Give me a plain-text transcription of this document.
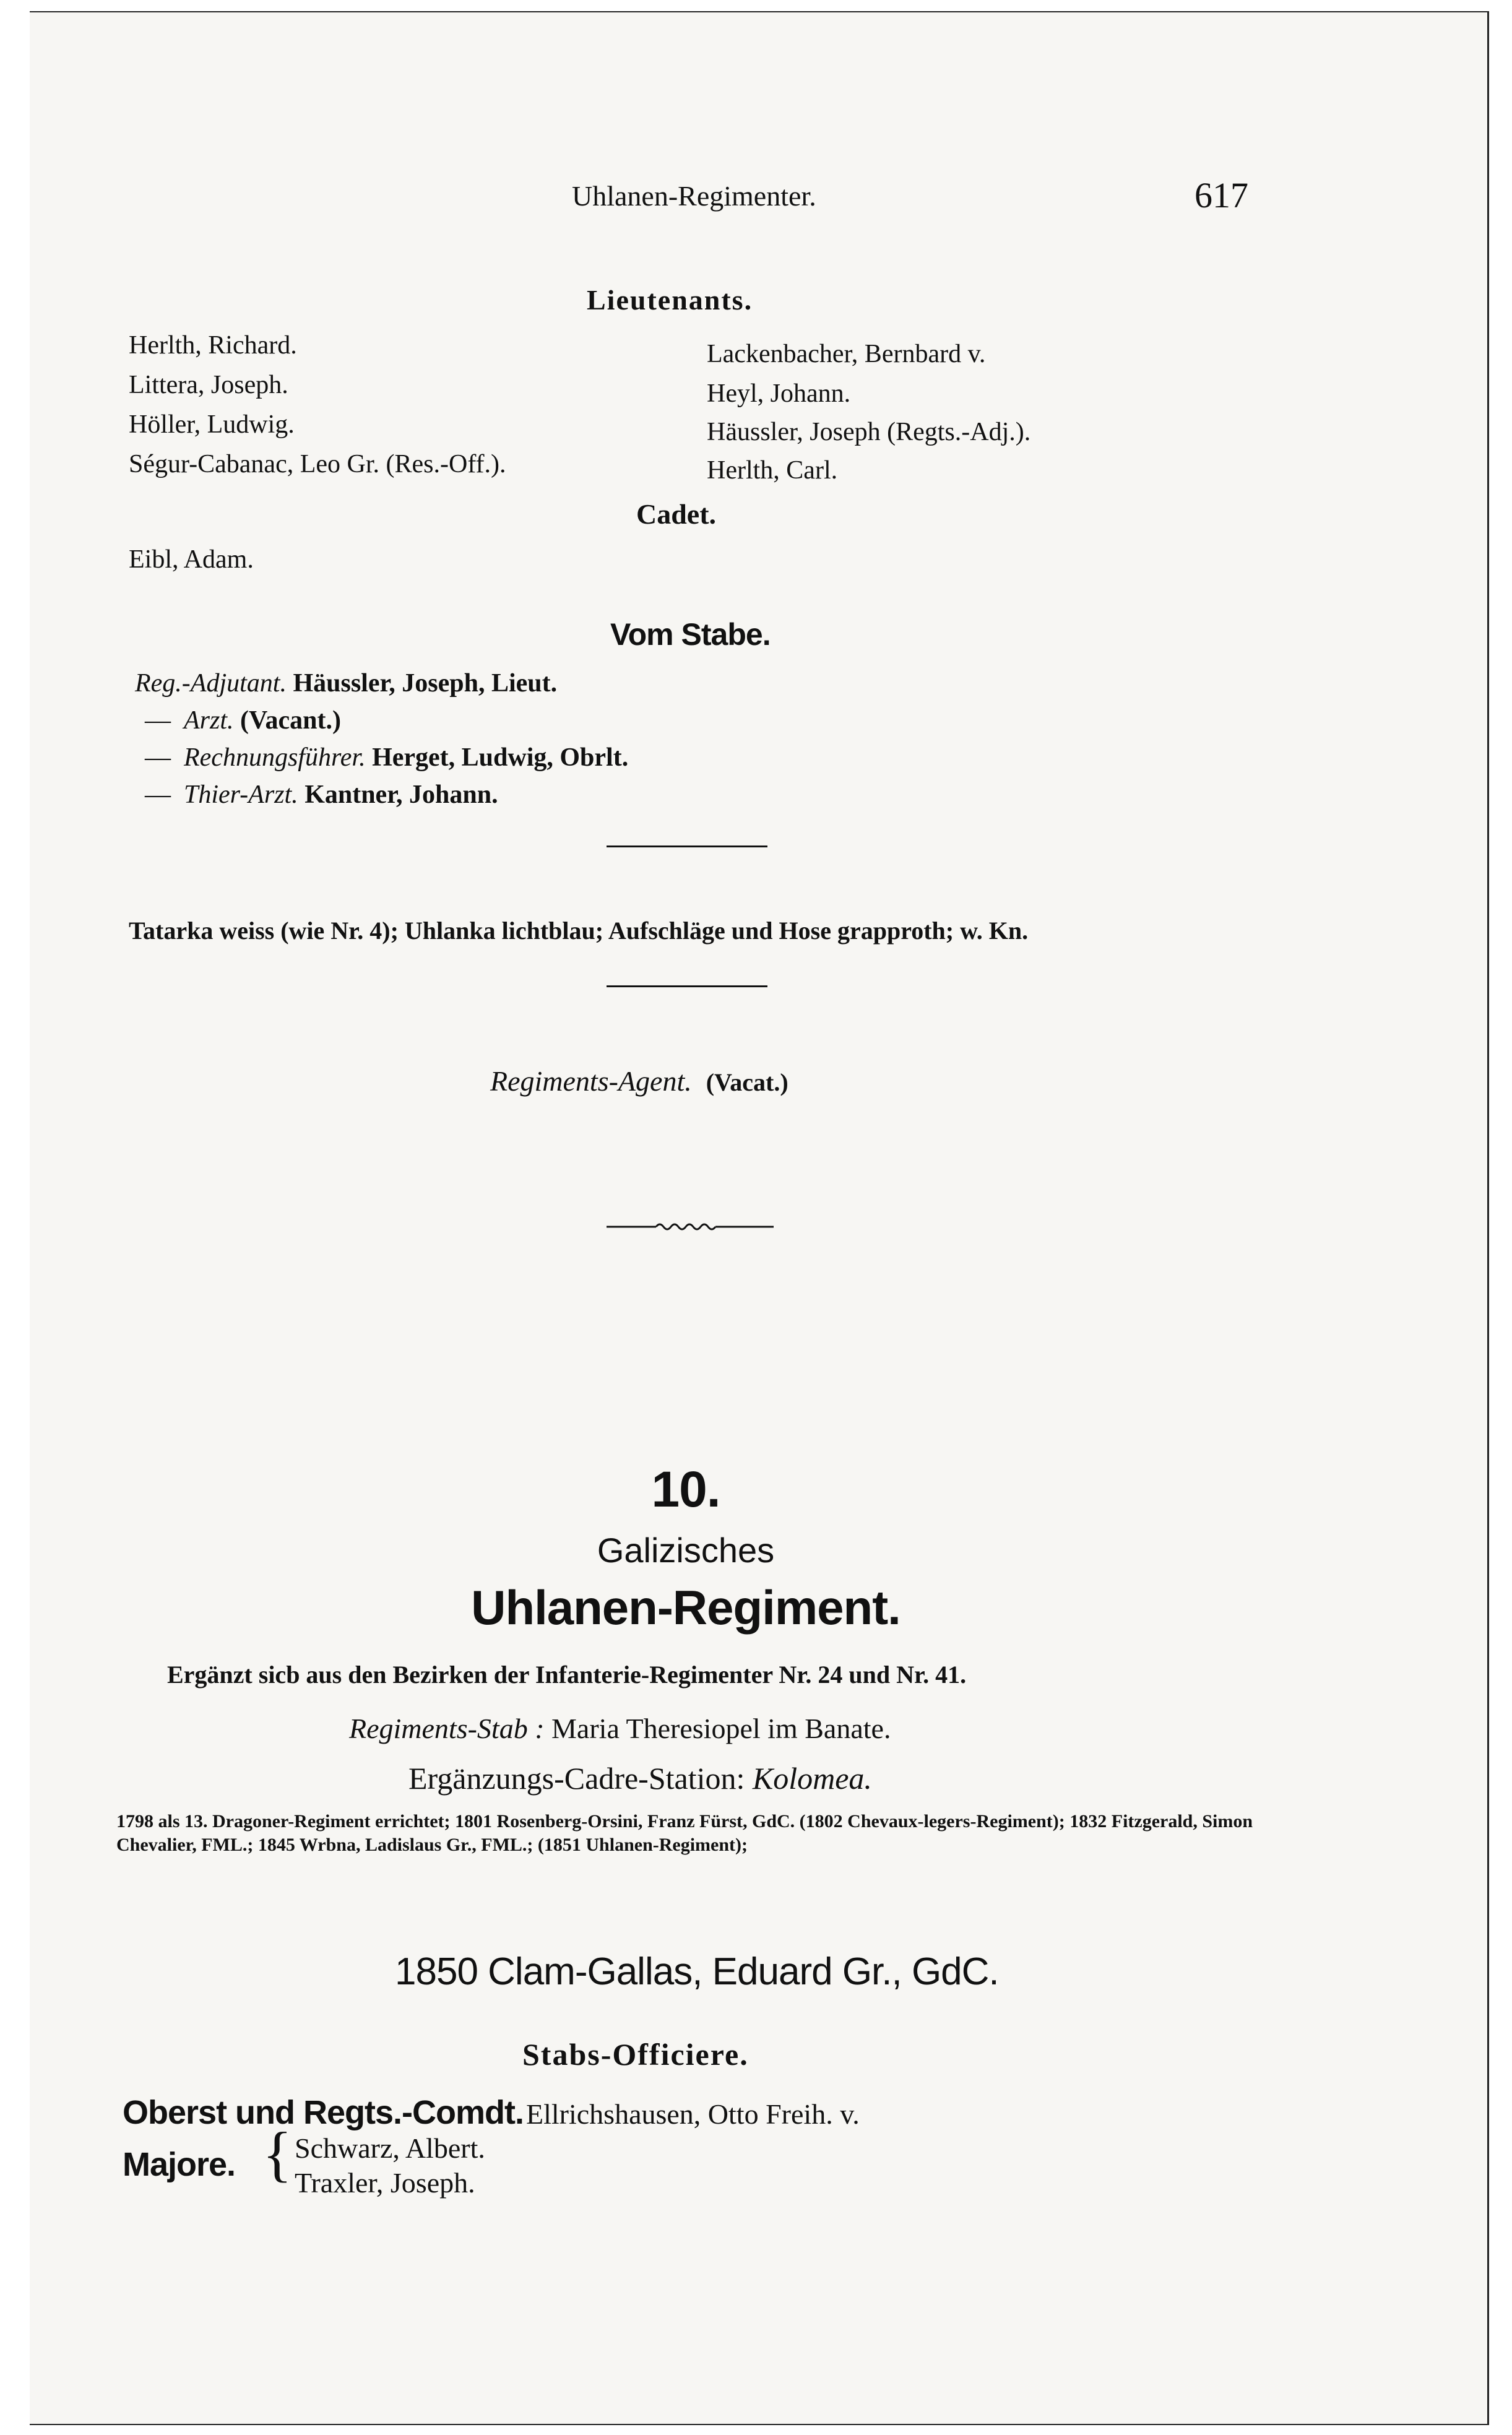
Uhlanen-Regimenter.	617
Lieutenants.
Herlth, Richard.
Littera, Joseph.
Höller, Ludwig.
Ségur-Cabanac, Leo Gr. (Res.-Off.).
Lackenbacher, Bernbard v.
Heyl, Johann.
Häussler, Joseph (Regts.-Adj.).
Herlth, Carl.
Cadet.
Eibl, Adam.
Vom Stabe.
Reg.-Adjutant. Häussler, Joseph, Lieut.
— Arzt. (Vacant.)
— Rechnungsführer. Herget, Ludwig, Obrlt.
— Thier-Arzt. Kantner, Johann.
Tatarka weiss (wie Nr. 4); Uhlanka lichtblau; Aufschläge und Hose grapproth; w. Kn.
Regiments-Agent. (Vacat.)
10.
Galizisches
Uhlanen-Regiment.
Ergänzt sicb aus den Bezirken der Infanterie-Regimenter Nr. 24 und Nr. 41.
Regiments-Stab : Maria Theresiopel im Banate.
Ergänzungs-Cadre-Station: Kolomea.
1798 als 13. Dragoner-Regiment errichtet; 1801 Rosenberg-Orsini, Franz Fürst, GdC. (1802 Chevaux-legers-Regiment); 1832 Fitzgerald, Simon Chevalier, FML.; 1845 Wrbna, Ladislaus Gr., FML.; (1851 Uhlanen-Regiment);
1850 Clam-Gallas, Eduard Gr., GdC.
Stabs-Officiere.
Oberst und Regts.-Comdt. Ellrichshausen, Otto Freih. v.
Majore. { Schwarz, Albert.
Traxler, Joseph.
